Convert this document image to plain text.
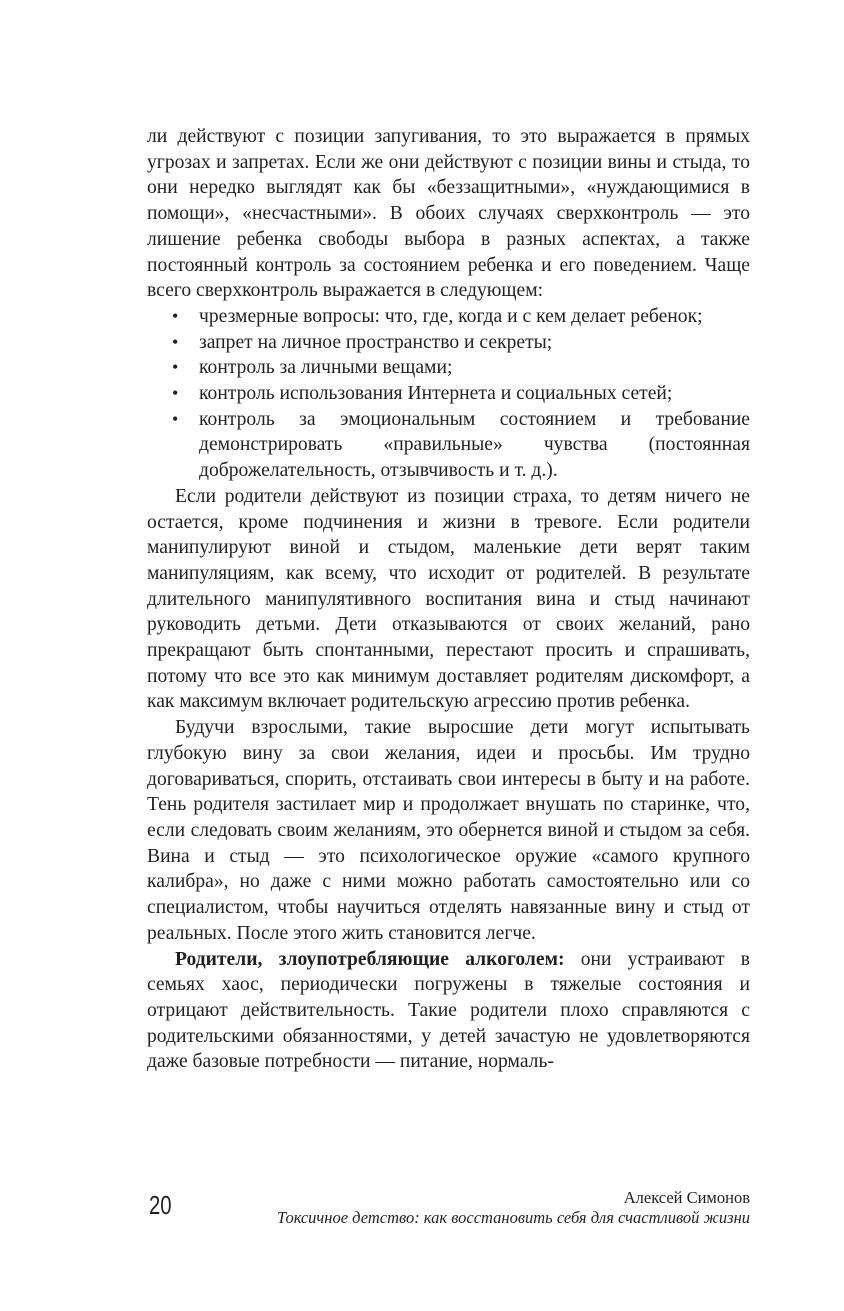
ли действуют с позиции запугивания, то это выражается в прямых угрозах и запретах. Если же они действуют с позиции вины и стыда, то они нередко выглядят как бы «беззащитными», «нуждающимися в помощи», «несчастными». В обоих случаях сверхконтроль — это лишение ребенка свободы выбора в разных аспектах, а также постоянный контроль за состоянием ребенка и его поведением. Чаще всего сверхконтроль выражается в следующем:

• чрезмерные вопросы: что, где, когда и с кем делает ребенок;
• запрет на личное пространство и секреты;
• контроль за личными вещами;
• контроль использования Интернета и социальных сетей;
• контроль за эмоциональным состоянием и требование демонстрировать «правильные» чувства (постоянная доброжелательность, отзывчивость и т. д.).

Если родители действуют из позиции страха, то детям ничего не остается, кроме подчинения и жизни в тревоге. Если родители манипулируют виной и стыдом, маленькие дети верят таким манипуляциям, как всему, что исходит от родителей. В результате длительного манипулятивного воспитания вина и стыд начинают руководить детьми. Дети отказываются от своих желаний, рано прекращают быть спонтанными, перестают просить и спрашивать, потому что все это как минимум доставляет родителям дискомфорт, а как максимум включает родительскую агрессию против ребенка.

Будучи взрослыми, такие выросшие дети могут испытывать глубокую вину за свои желания, идеи и просьбы. Им трудно договариваться, спорить, отстаивать свои интересы в быту и на работе. Тень родителя застилает мир и продолжает внушать по старинке, что, если следовать своим желаниям, это обернется виной и стыдом за себя. Вина и стыд — это психологическое оружие «самого крупного калибра», но даже с ними можно работать самостоятельно или со специалистом, чтобы научиться отделять навязанные вину и стыд от реальных. После этого жить становится легче.

Родители, злоупотребляющие алкоголем: они устраивают в семьях хаос, периодически погружены в тяжелые состояния и отрицают действительность. Такие родители плохо справляются с родительскими обязанностями, у детей зачастую не удовлетворяются даже базовые потребности — питание, нормаль-

20	Алексей Симонов
Токсичное детство: как восстановить себя для счастливой жизни
